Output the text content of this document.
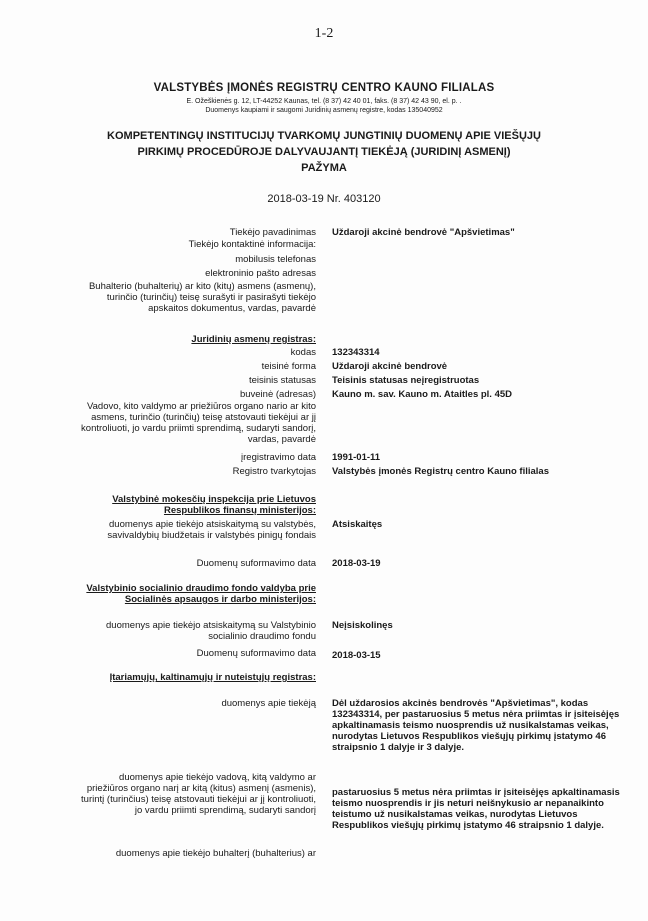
1-2
VALSTYBĖS ĮMONĖS REGISTRŲ CENTRO KAUNO FILIALAS
E. Ožeškienės g. 12, LT-44252 Kaunas, tel. (8 37) 42 40 01, faks. (8 37) 42 43 90, el. p. .
Duomenys kaupiami ir saugomi Juridinių asmenų registre, kodas 135040952
KOMPETENTINGŲ INSTITUCIJŲ TVARKOMŲ JUNGTINIŲ DUOMENŲ APIE VIEŠŲJŲ
PIRKIMŲ PROCEDŪROJE DALYVAUJANTĮ TIEKĖJĄ (JURIDINĮ ASMENĮ)
PAŽYMA
2018-03-19 Nr. 403120
Tiekėjo pavadinimas Uždaroji akcinė bendrovė "Apšvietimas"
Tiekėjo kontaktinė informacija:
mobilusis telefonas
elektroninio pašto adresas
Buhalterio (buhalterių) ar kito (kitų) asmens (asmenų), turinčio (turinčių) teisę surašyti ir pasirašyti tiekėjo apskaitos dokumentus, vardas, pavardė
Juridinių asmenų registras:
kodas 132343314
teisinė forma Uždaroji akcinė bendrovė
teisinis statusas Teisinis statusas neįregistruotas
buveinė (adresas) Kauno m. sav. Kauno m. Ataitles pl. 45D
Vadovo, kito valdymo ar priežiūros organo nario ar kito asmens, turinčio (turinčių) teisę atstovauti tiekėjui ar jį kontroliuoti, jo vardu priimti sprendimą, sudaryti sandorį, vardas, pavardė
įregistravimo data 1991-01-11
Registro tvarkytojas Valstybės įmonės Registrų centro Kauno filialas
Valstybinė mokesčių inspekcija prie Lietuvos Respublikos finansų ministerijos:
duomenys apie tiekėjo atsiskaitymą su valstybės, savivaldybių biudžetais ir valstybės pinigų fondais
Atsiskaitęs
Duomenų suformavimo data 2018-03-19
Valstybinio socialinio draudimo fondo valdyba prie Socialinės apsaugos ir darbo ministerijos:
duomenys apie tiekėjo atsiskaitymą su Valstybinio socialinio draudimo fondu
Neįsiskolinęs
Duomenų suformavimo data 2018-03-15
Įtariamųjų, kaltinamųjų ir nuteistųjų registras:
duomenys apie tiekėją Dėl uždarosios akcinės bendrovės "Apšvietimas", kodas 132343314, per pastaruosius 5 metus nėra priimtas ir įsiteisėjęs apkaltinamasis teismo nuosprendis už nusikalstamas veikas, nurodytas Lietuvos Respublikos viešųjų pirkimų įstatymo 46 straipsnio 1 dalyje ir 3 dalyje.
duomenys apie tiekėjo vadovą, kitą valdymo ar priežiūros organo narį ar kitą (kitus) asmenį (asmenis), turintį (turinčius) teisę atstovauti tiekėjui ar jį kontroliuoti, jo vardu priimti sprendimą, sudaryti sandorį
pastaruosius 5 metus nėra priimtas ir įsiteisėjęs apkaltinamasis teismo nuosprendis ir jis neturi neišnykusio ar nepanaikinto teistumo už nusikalstamas veikas, nurodytas Lietuvos Respublikos viešųjų pirkimų įstatymo 46 straipsnio 1 dalyje.
duomenys apie tiekėjo buhalterį (buhalterius) ar
